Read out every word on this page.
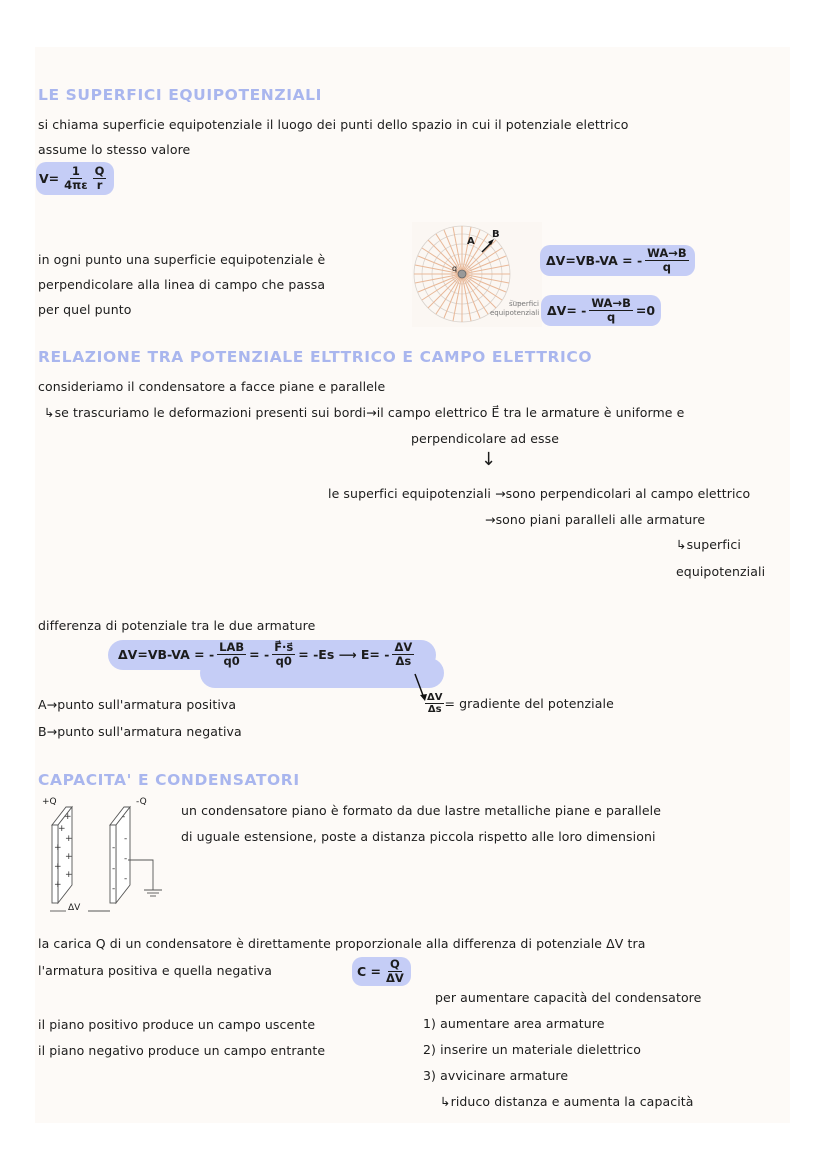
LE SUPERFICI EQUIPOTENZIALI
si chiama superficie equipotenziale il luogo dei punti dello spazio in cui il potenziale elettrico
assume lo stesso valore
$V= \frac{1}{4\pi\varepsilon} \frac{Q}{r}$
in ogni punto una superficie equipotenziale è
perpendicolare alla linea di campo che passa
per quel punto
A
B
q
superfici
equipotenziali
ΔV=VB-VA = - $\frac{WA\to B}{q}$
$\Delta V= - \frac{WA\to B}{q} =0$
RELAZIONE TRA POTENZIALE ELTTRICO E CAMPO ELETTRICO
consideriamo il condensatore a facce piane e parallele
↳se trascuriamo le deformazioni presenti sui bordi→il campo elettrico E⃗ tra le armature è uniforme e
perpendicolare ad esse
↓
le superfici equipotenziali →sono perpendicolari al campo elettrico
→sono piani paralleli alle armature
↳superfici
equipotenziali
differenza di potenziale tra le due armature
ΔV=VB-VA = - $\frac{\text{LAB}}{q0}$ = - $\frac{F⃗\cdot s⃗}{q0} = -Es$ ⟶ $E= - \frac{\Delta V}{\Delta s}$
A→punto sull'armatura positiva
B→punto sull'armatura negativa
$\frac{\Delta V}{\Delta s}$ = gradiente del potenziale
CAPACITA' E CONDENSATORI
+
+
+
+
+
+
+
+
-
-
-
-
-
-
-
+Q	-Q
ΔV
un condensatore piano è formato da due lastre metalliche piane e parallele
di uguale estensione, poste a distanza piccola rispetto alle loro dimensioni
la carica Q di un condensatore è direttamente proporzionale alla differenza di potenziale ΔV tra
l'armatura positiva e quella negativa	$C = \frac{Q}{\Delta V}$
il piano positivo produce un campo uscente
il piano negativo produce un campo entrante
per aumentare capacità del condensatore
1) aumentare area armature
2) inserire un materiale dielettrico
3) avvicinare armature
↳riduco distanza e aumenta la capacità
